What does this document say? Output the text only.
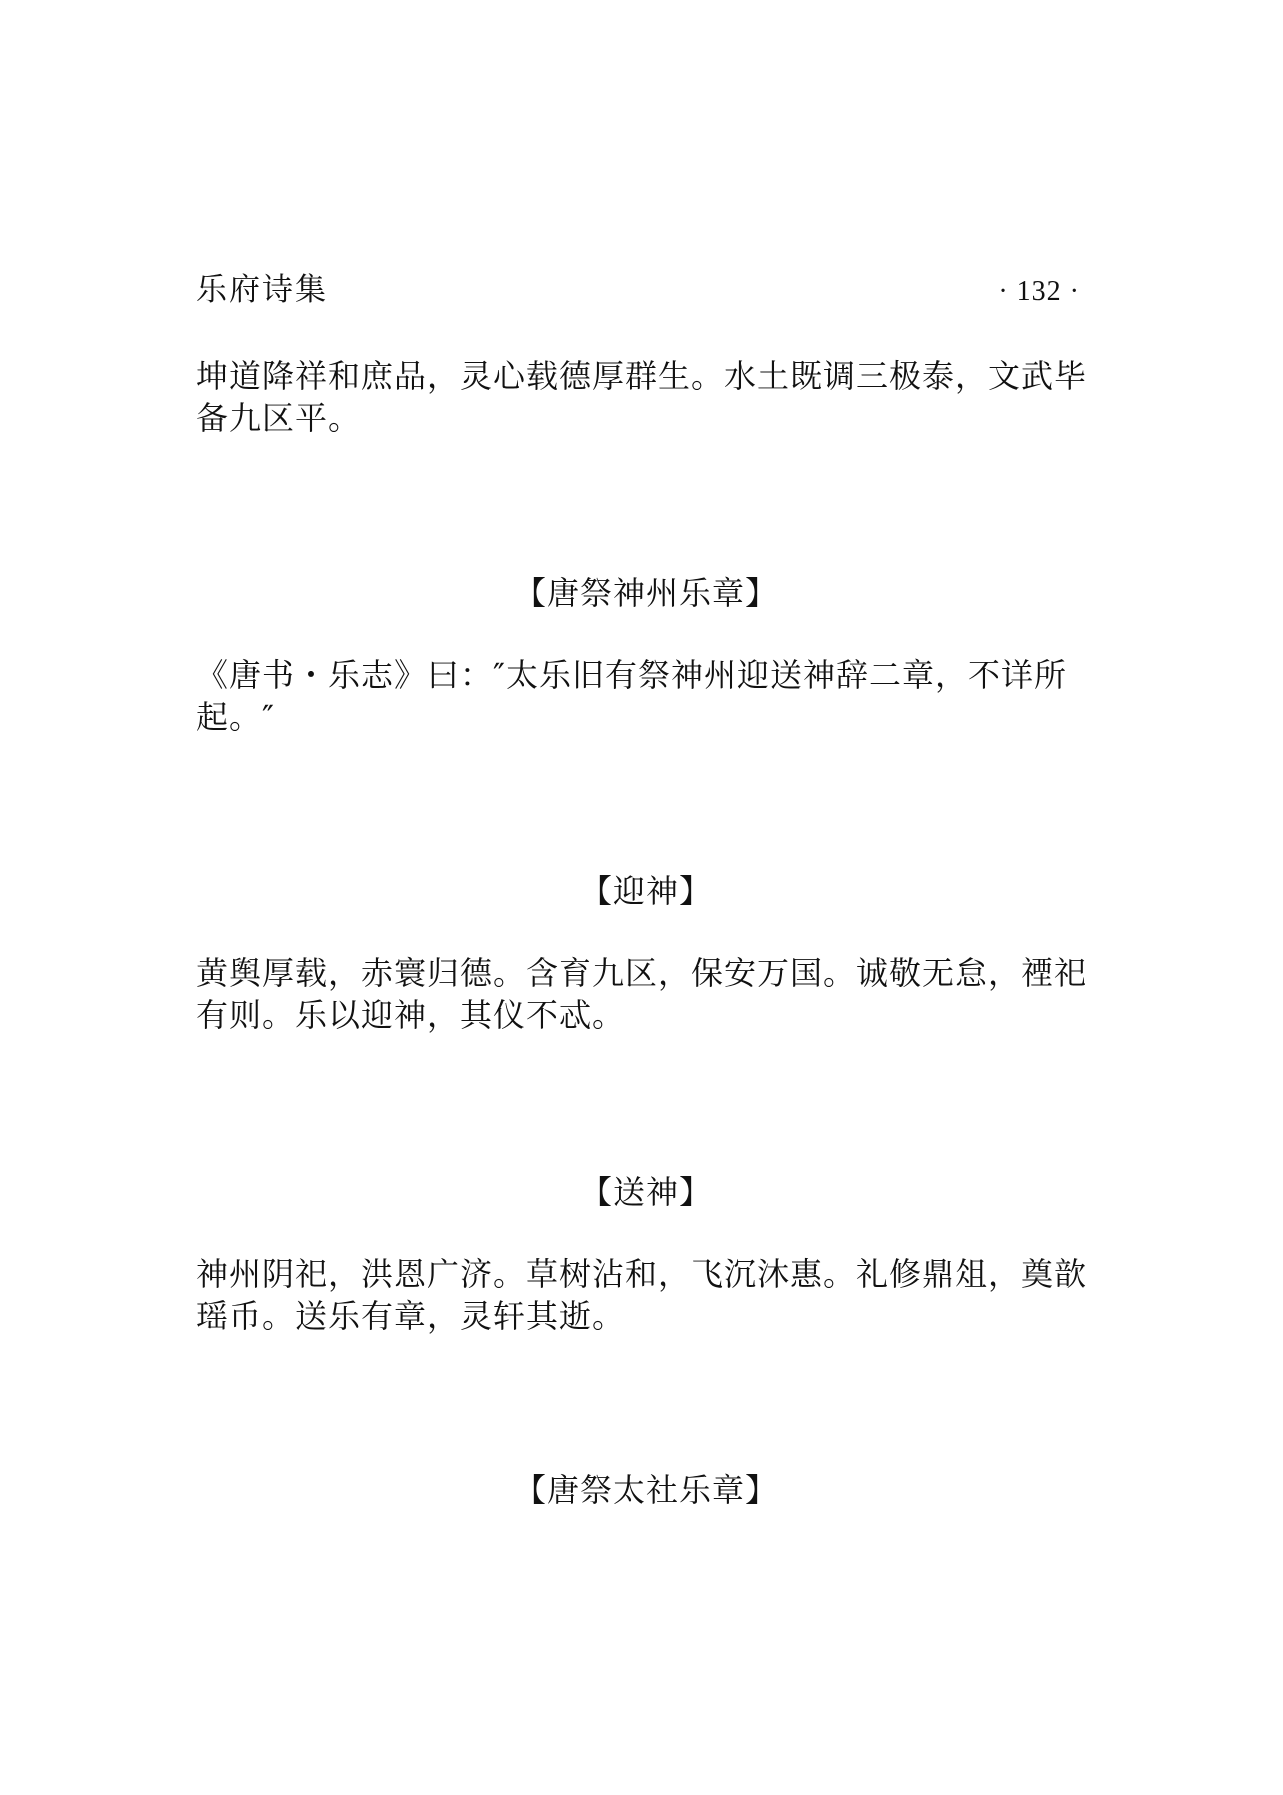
乐府诗集	· 132 ·
坤道降祥和庶品，灵心载德厚群生。水土既调三极泰，文武毕备九区平。
【唐祭神州乐章】
《唐书・乐志》曰：″太乐旧有祭神州迎送神辞二章，不详所起。″
【迎神】
黄舆厚载，赤寰归德。含育九区，保安万国。诚敬无怠，禋祀有则。乐以迎神，其仪不忒。
【送神】
神州阴祀，洪恩广济。草树沾和，飞沉沐惠。礼修鼎俎，奠歆瑶币。送乐有章，灵轩其逝。
【唐祭太社乐章】
